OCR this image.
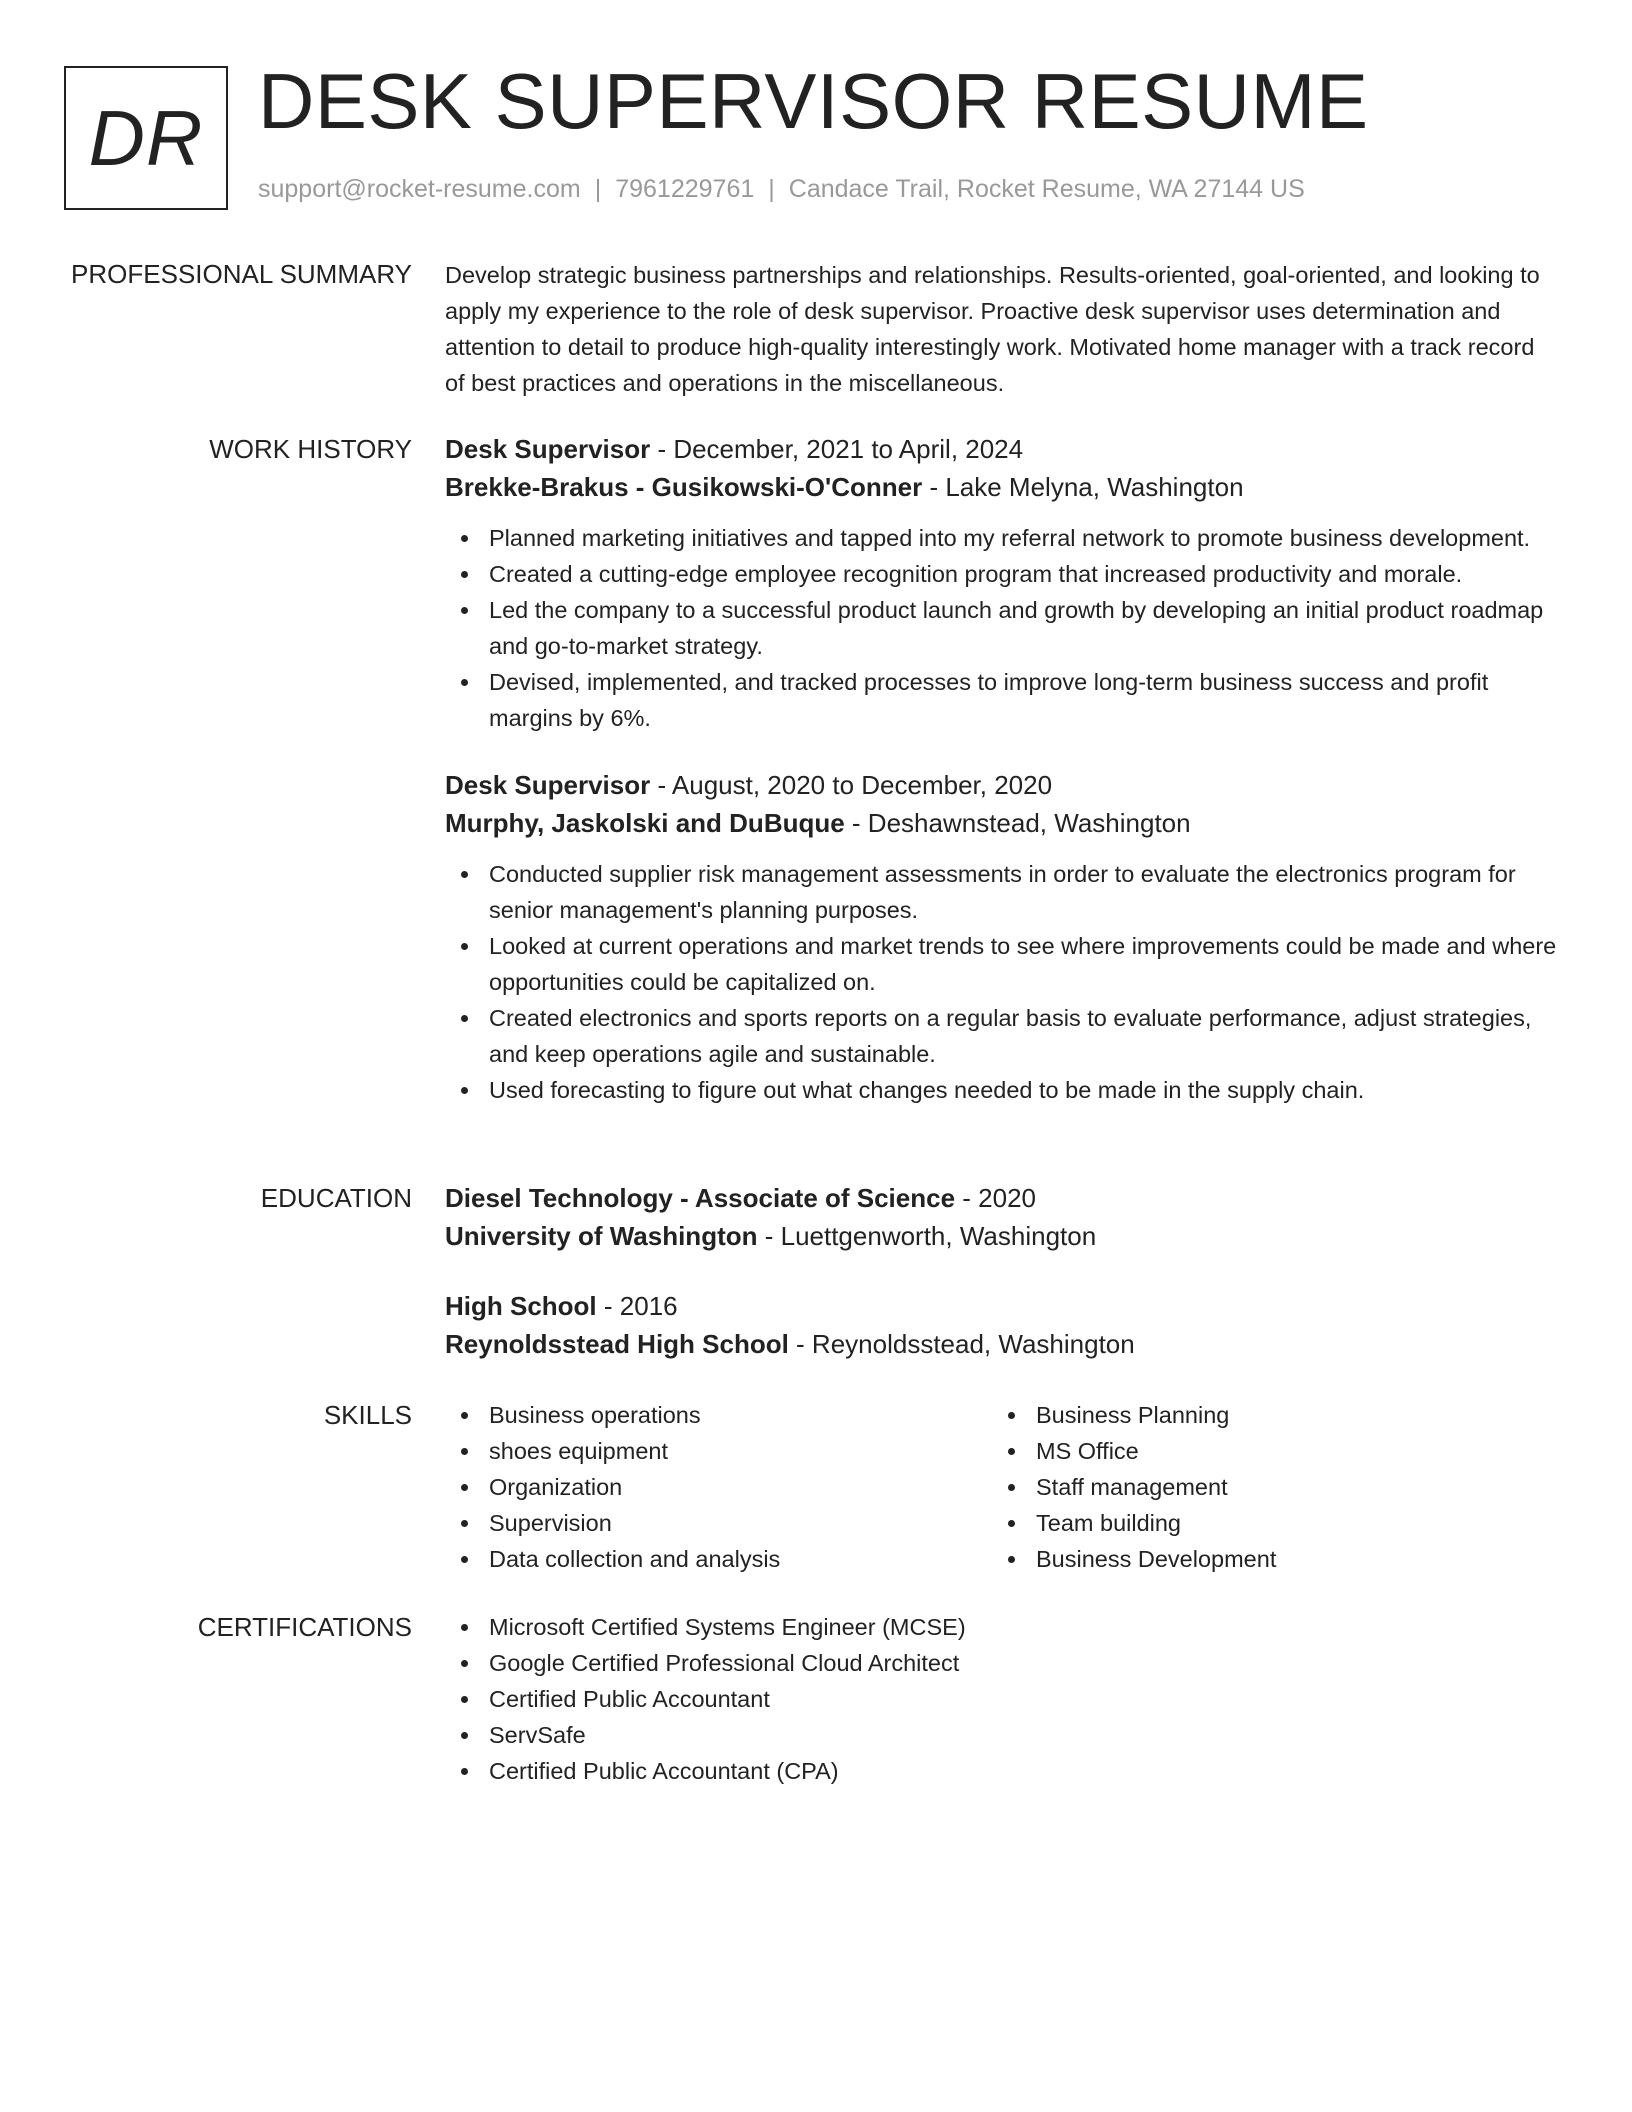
DR DESK SUPERVISOR RESUME
support@rocket-resume.com | 7961229761 | Candace Trail, Rocket Resume, WA 27144 US
PROFESSIONAL SUMMARY Develop strategic business partnerships and relationships. Results-oriented, goal-oriented, and looking to apply my experience to the role of desk supervisor. Proactive desk supervisor uses determination and attention to detail to produce high-quality interestingly work. Motivated home manager with a track record of best practices and operations in the miscellaneous.

WORK HISTORY Desk Supervisor - December, 2021 to April, 2024
Brekke-Brakus - Gusikowski-O'Conner - Lake Melyna, Washington
Planned marketing initiatives and tapped into my referral network to promote business development.
Created a cutting-edge employee recognition program that increased productivity and morale.
Led the company to a successful product launch and growth by developing an initial product roadmap and go-to-market strategy.
Devised, implemented, and tracked processes to improve long-term business success and profit margins by 6%.
Desk Supervisor - August, 2020 to December, 2020
Murphy, Jaskolski and DuBuque - Deshawnstead, Washington
Conducted supplier risk management assessments in order to evaluate the electronics program for senior management's planning purposes.
Looked at current operations and market trends to see where improvements could be made and where opportunities could be capitalized on.
Created electronics and sports reports on a regular basis to evaluate performance, adjust strategies, and keep operations agile and sustainable.
Used forecasting to figure out what changes needed to be made in the supply chain.
EDUCATION Diesel Technology - Associate of Science - 2020
University of Washington - Luettgenworth, Washington
High School - 2016
Reynoldsstead High School - Reynoldsstead, Washington
SKILLS	Business operations
shoes equipment
Organization
Supervision
Data collection and analysis
Business Planning
MS Office
Staff management
Team building
Business Development
CERTIFICATIONS	Microsoft Certified Systems Engineer (MCSE)
Google Certified Professional Cloud Architect
Certified Public Accountant
ServSafe
Certified Public Accountant (CPA)
